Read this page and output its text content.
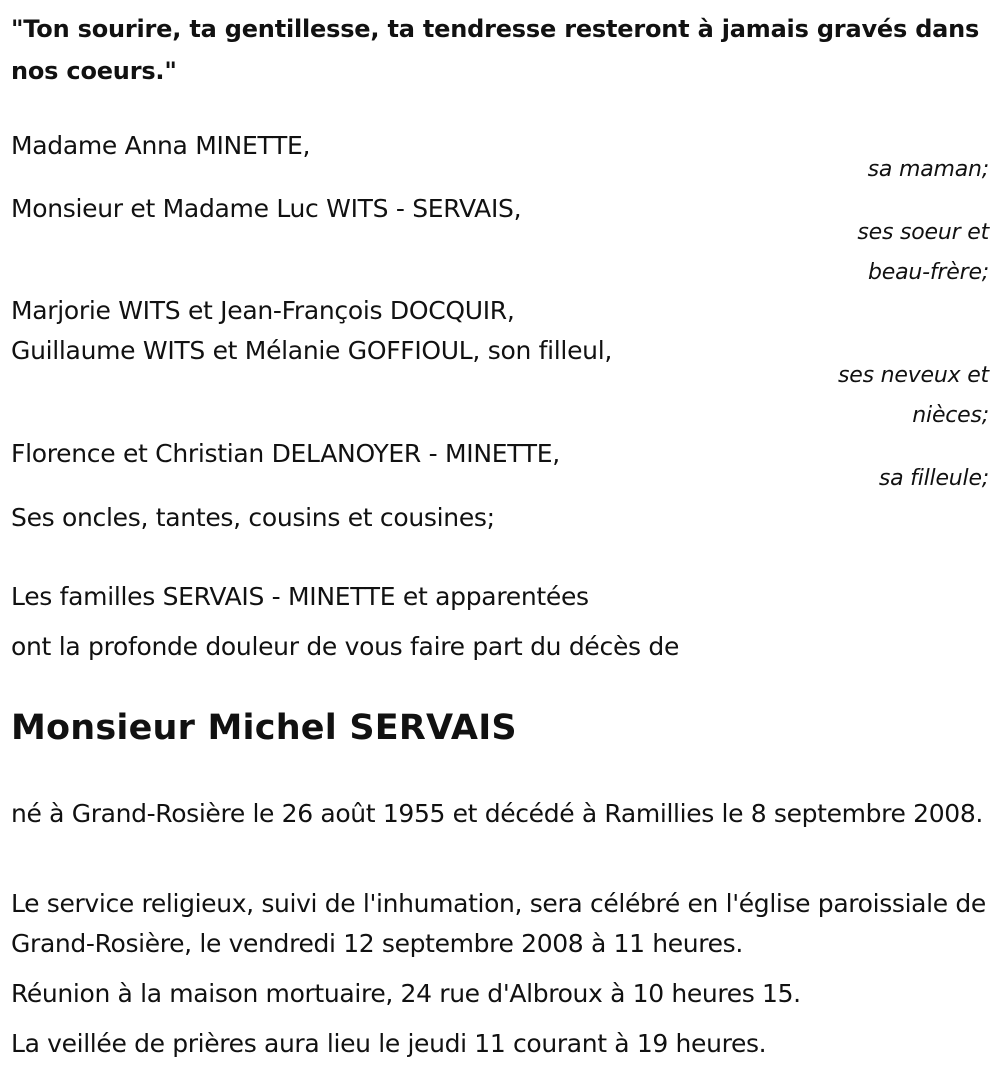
"Ton sourire, ta gentillesse, ta tendresse resteront à jamais gravés dans nos coeurs."
Madame Anna MINETTE,
sa maman;
Monsieur et Madame Luc WITS - SERVAIS,
ses soeur et
beau-frère;
Marjorie WITS et Jean-François DOCQUIR,
Guillaume WITS et Mélanie GOFFIOUL, son filleul,
ses neveux et
nièces;
Florence et Christian DELANOYER - MINETTE,
sa filleule;
Ses oncles, tantes, cousins et cousines;
Les familles SERVAIS - MINETTE et apparentées
ont la profonde douleur de vous faire part du décès de
Monsieur Michel SERVAIS
né à Grand-Rosière le 26 août 1955 et décédé à Ramillies le 8 septembre 2008.
Le service religieux, suivi de l'inhumation, sera célébré en l'église paroissiale de Grand-Rosière, le vendredi 12 septembre 2008 à 11 heures.
Réunion à la maison mortuaire, 24 rue d'Albroux à 10 heures 15.
La veillée de prières aura lieu le jeudi 11 courant à 19 heures.
